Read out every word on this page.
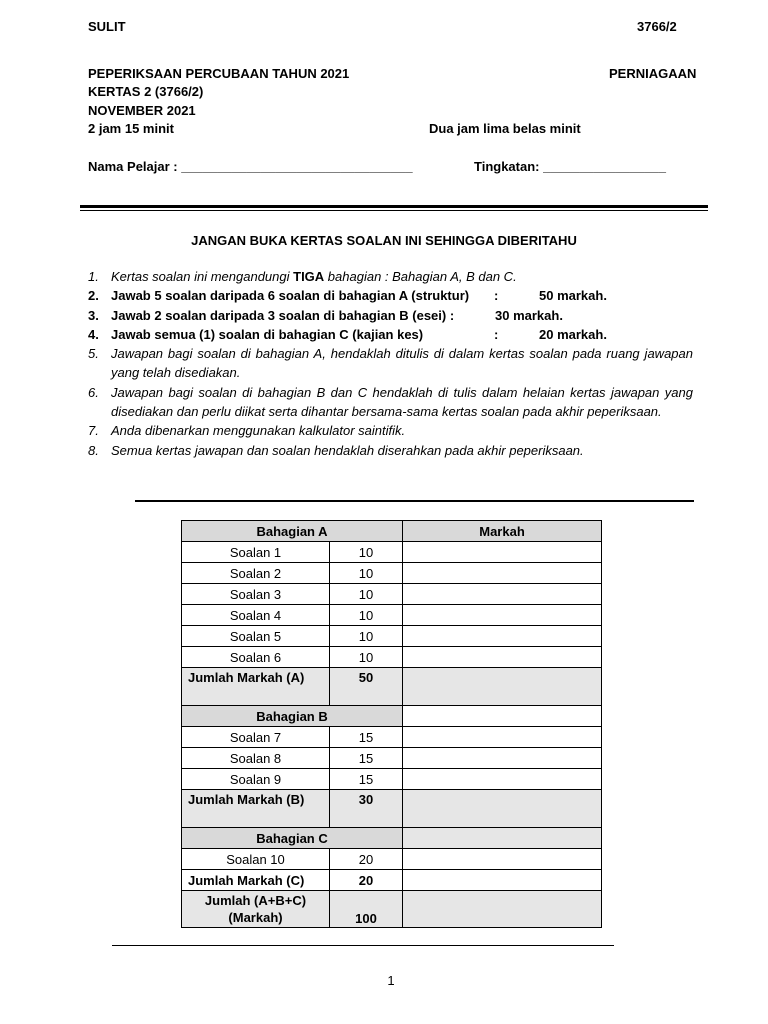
SULIT	3766/2
PEPERIKSAAN PERCUBAAN TAHUN 2021	PERNIAGAAN
KERTAS 2 (3766/2)
NOVEMBER 2021
2 jam 15 minit	Dua jam lima belas minit
Nama Pelajar : ________________________________	Tingkatan: _________________
JANGAN BUKA KERTAS SOALAN INI SEHINGGA DIBERITAHU
1. Kertas soalan ini mengandungi TIGA bahagian : Bahagian A, B dan C.
2. Jawab 5 soalan daripada 6 soalan di bahagian A (struktur) :	50 markah.
3. Jawab 2 soalan daripada 3 soalan di bahagian B (esei) :	30 markah.
4. Jawab semua (1) soalan di bahagian C (kajian kes)	:	20 markah.
5. Jawapan bagi soalan di bahagian A, hendaklah ditulis di dalam kertas soalan pada ruang jawapan yang telah disediakan.
6. Jawapan bagi soalan di bahagian B dan C hendaklah di tulis dalam helaian kertas jawapan yang disediakan dan perlu diikat serta dihantar bersama-sama kertas soalan pada akhir peperiksaan.
7. Anda dibenarkan menggunakan kalkulator saintifik.
8. Semua kertas jawapan dan soalan hendaklah diserahkan pada akhir peperiksaan.
Bahagian A		Markah
Soalan 1	10	
Soalan 2	10	
Soalan 3	10	
Soalan 4	10	
Soalan 5	10	
Soalan 6	10	
Jumlah Markah (A)	50	
Bahagian B		
Soalan 7	15	
Soalan 8	15	
Soalan 9	15	
Jumlah Markah (B)	30	
Bahagian C		
Soalan 10	20	
Jumlah Markah (C)	20	

Jumlah (A+B+C)
(Markah)	100	
1
